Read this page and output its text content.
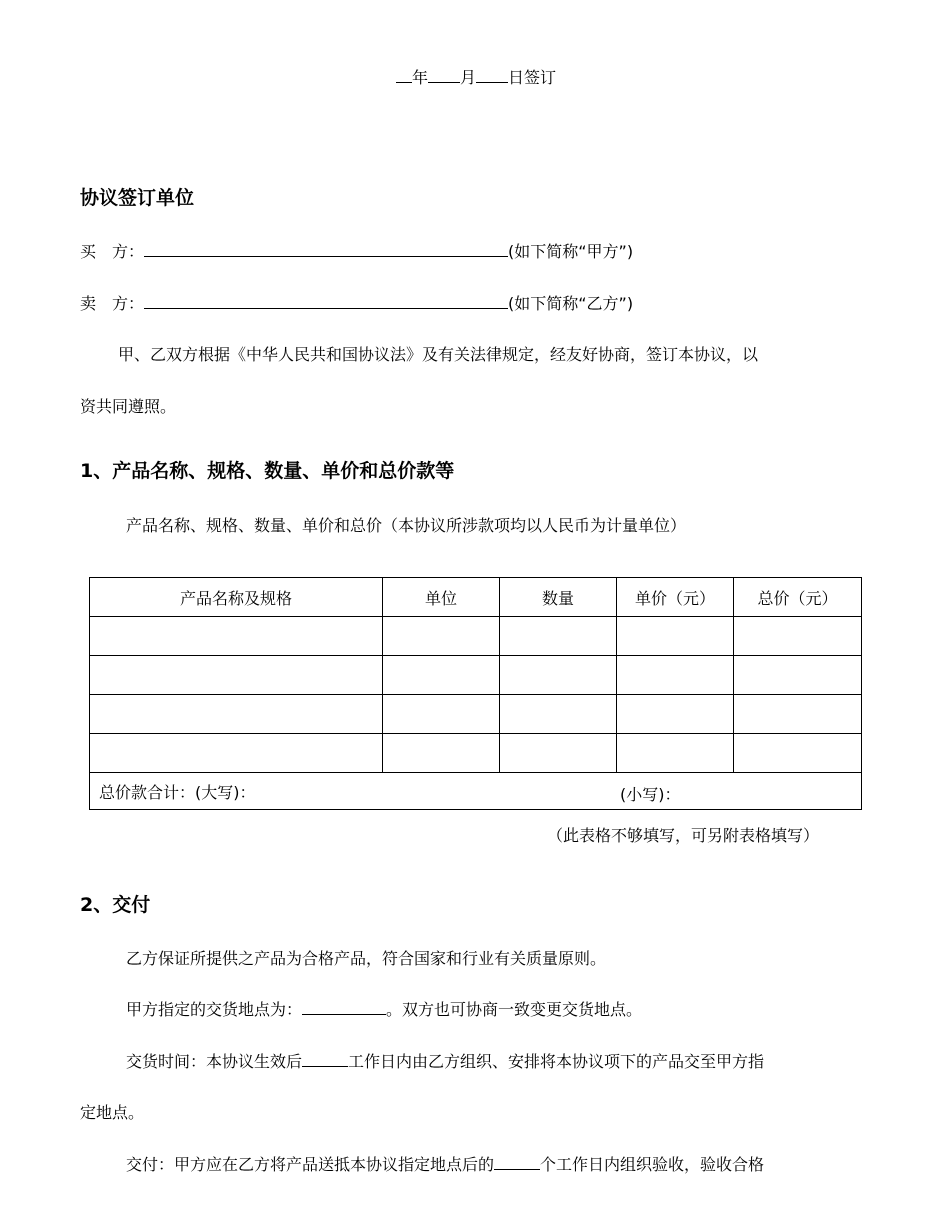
年 月 日签订
协议签订单位
买　方：	(如下简称“甲方”)
卖　方：	(如下简称“乙方”)
甲、乙双方根据《中华人民共和国协议法》及有关法律规定，经友好协商，签订本协议，以
资共同遵照。
1、产品名称、规格、数量、单价和总价款等
产品名称、规格、数量、单价和总价（本协议所涉款项均以人民币为计量单位）
产品名称及规格	单位	数量	单价（元）	总价（元）

总价款合计：(大写)： (小写)：				
（此表格不够填写，可另附表格填写）
2、交付
乙方保证所提供之产品为合格产品，符合国家和行业有关质量原则。
甲方指定的交货地点为：	。双方也可协商一致变更交货地点。
交货时间：本协议生效后	工作日内由乙方组织、安排将本协议项下的产品交至甲方指
定地点。
交付：甲方应在乙方将产品送抵本协议指定地点后的	个工作日内组织验收，验收合格
